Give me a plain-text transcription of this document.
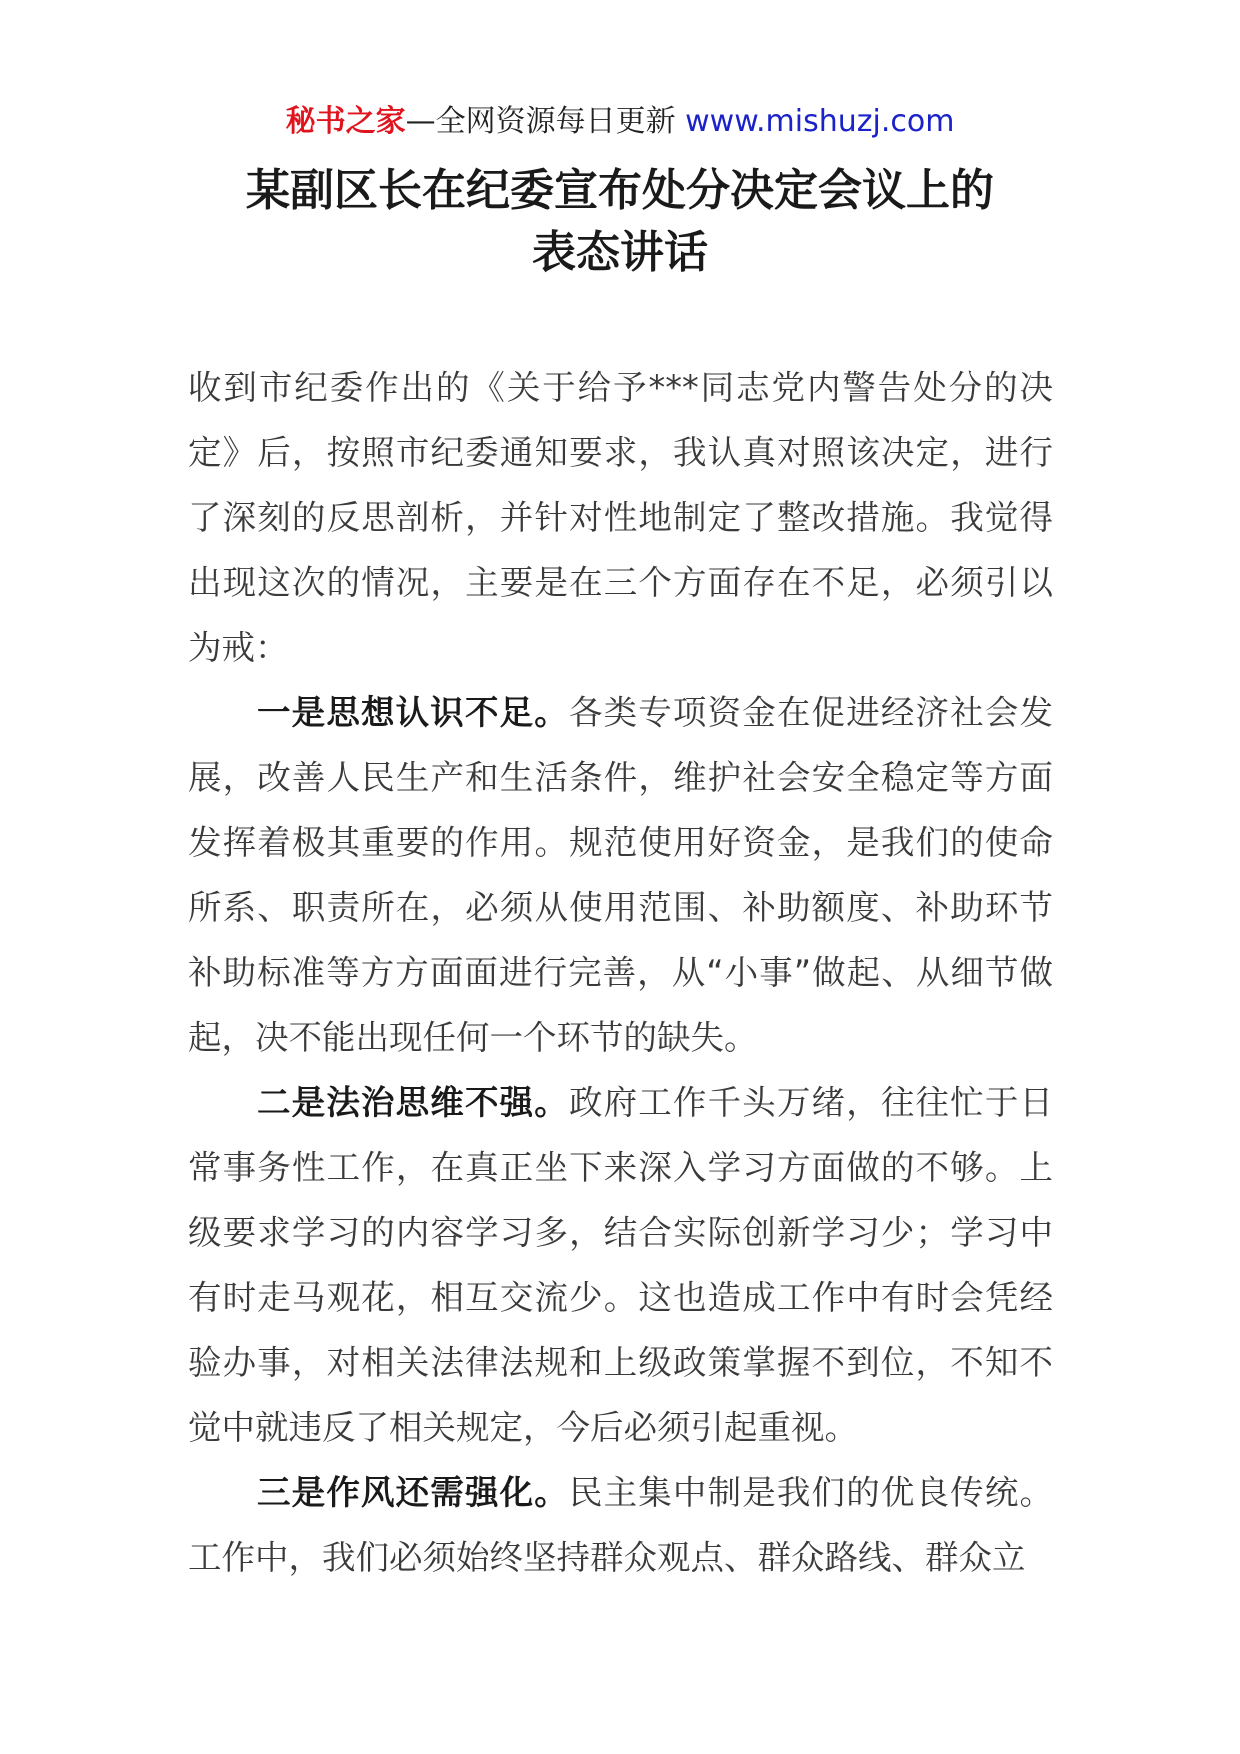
秘书之家—全网资源每日更新 www.mishuzj.com
某副区长在纪委宣布处分决定会议上的
表态讲话

收到市纪委作出的《关于给予***同志党内警告处分的决定》后，按照市纪委通知要求，我认真对照该决定，进行了深刻的反思剖析，并针对性地制定了整改措施。我觉得出现这次的情况，主要是在三个方面存在不足，必须引以为戒：

一是思想认识不足。各类专项资金在促进经济社会发展，改善人民生产和生活条件，维护社会安全稳定等方面发挥着极其重要的作用。规范使用好资金，是我们的使命所系、职责所在，必须从使用范围、补助额度、补助环节补助标准等方方面面进行完善，从“小事”做起、从细节做起，决不能出现任何一个环节的缺失。

二是法治思维不强。政府工作千头万绪，往往忙于日常事务性工作，在真正坐下来深入学习方面做的不够。上级要求学习的内容学习多，结合实际创新学习少；学习中有时走马观花，相互交流少。这也造成工作中有时会凭经验办事，对相关法律法规和上级政策掌握不到位，不知不觉中就违反了相关规定，今后必须引起重视。

三是作风还需强化。民主集中制是我们的优良传统。工作中，我们必须始终坚持群众观点、群众路线、群众立
